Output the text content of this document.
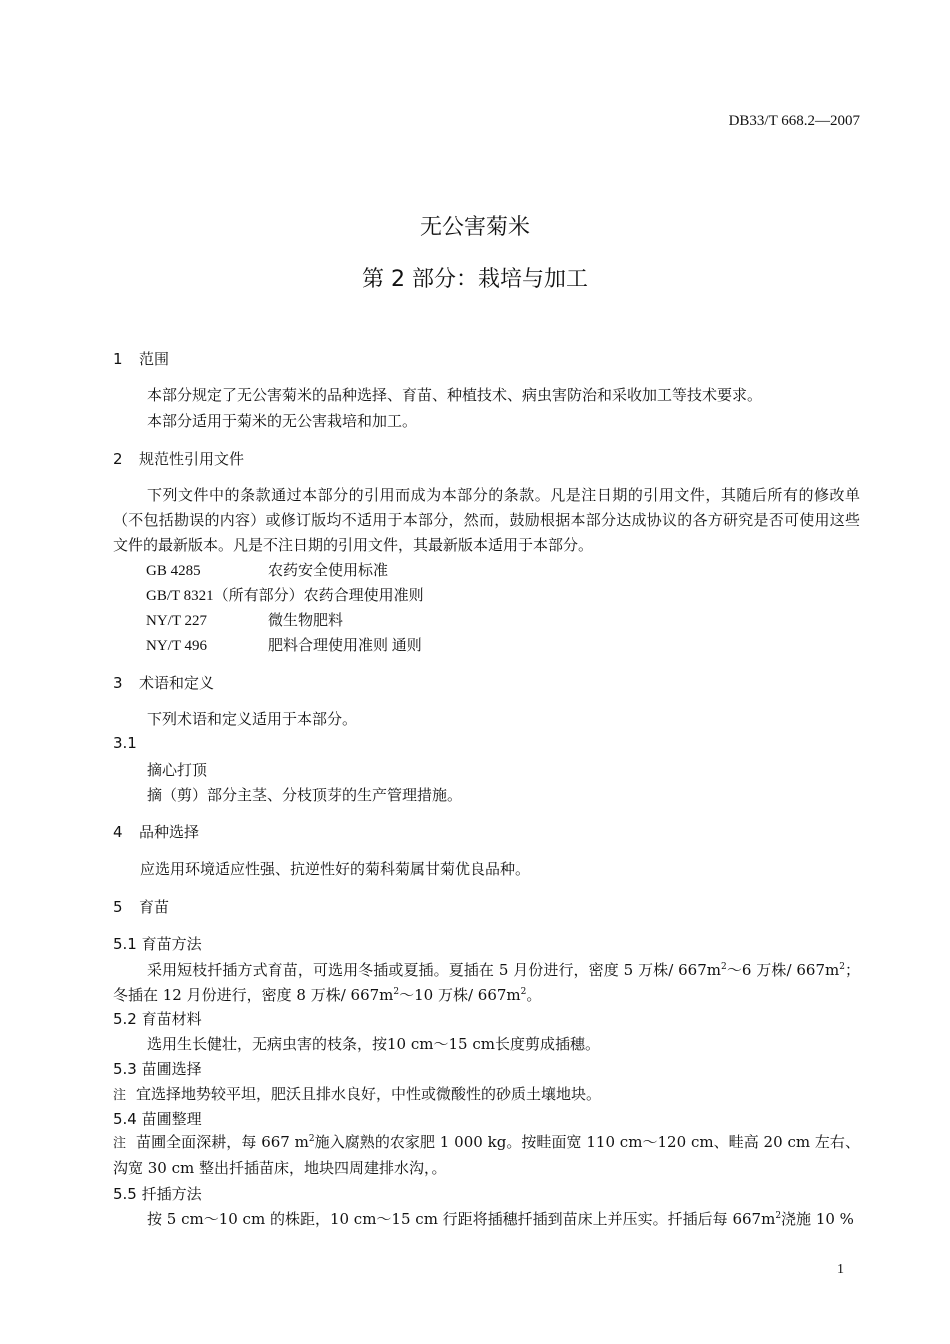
DB33/T 668.2—2007
无公害菊米
第 2 部分：栽培与加工
1 范围
本部分规定了无公害菊米的品种选择、育苗、种植技术、病虫害防治和采收加工等技术要求。
本部分适用于菊米的无公害栽培和加工。
2 规范性引用文件
下列文件中的条款通过本部分的引用而成为本部分的条款。凡是注日期的引用文件，其随后所有的修改单（不包括勘误的内容）或修订版均不适用于本部分，然而，鼓励根据本部分达成协议的各方研究是否可使用这些文件的最新版本。凡是不注日期的引用文件，其最新版本适用于本部分。
GB 4285	农药安全使用标准
GB/T 8321（所有部分）农药合理使用准则
NY/T 227	微生物肥料
NY/T 496	肥料合理使用准则 通则
3 术语和定义
下列术语和定义适用于本部分。
3.1
摘心打顶
摘（剪）部分主茎、分枝顶芽的生产管理措施。
4 品种选择
应选用环境适应性强、抗逆性好的菊科菊属甘菊优良品种。
5 育苗
5.1 育苗方法
采用短枝扦插方式育苗，可选用冬插或夏插。夏插在 5 月份进行，密度 5 万株/ $667m^2\sim 6$ 万株/ $667m^2$；冬插在 12 月份进行，密度 8 万株/ $667m^2\sim 10$ 万株/ $667m^2$。
5.2 育苗材料
选用生长健壮，无病虫害的枝条，按10 cm～15 cm长度剪成插穗。
5.3 苗圃选择
注 宜选择地势较平坦，肥沃且排水良好，中性或微酸性的砂质土壤地块。
5.4 苗圃整理
注 苗圃全面深耕，每 667 $m^2$施入腐熟的农家肥 1 000 kg。按畦面宽 110 cm～120 cm、畦高 20 cm 左右、沟宽 30 cm 整出扦插苗床，地块四周建排水沟，。
5.5 扦插方法
按 5 cm～10 cm 的株距，10 cm～15 cm 行距将插穗扦插到苗床上并压实。扦插后每 $667m^2$浇施 10 %
1
